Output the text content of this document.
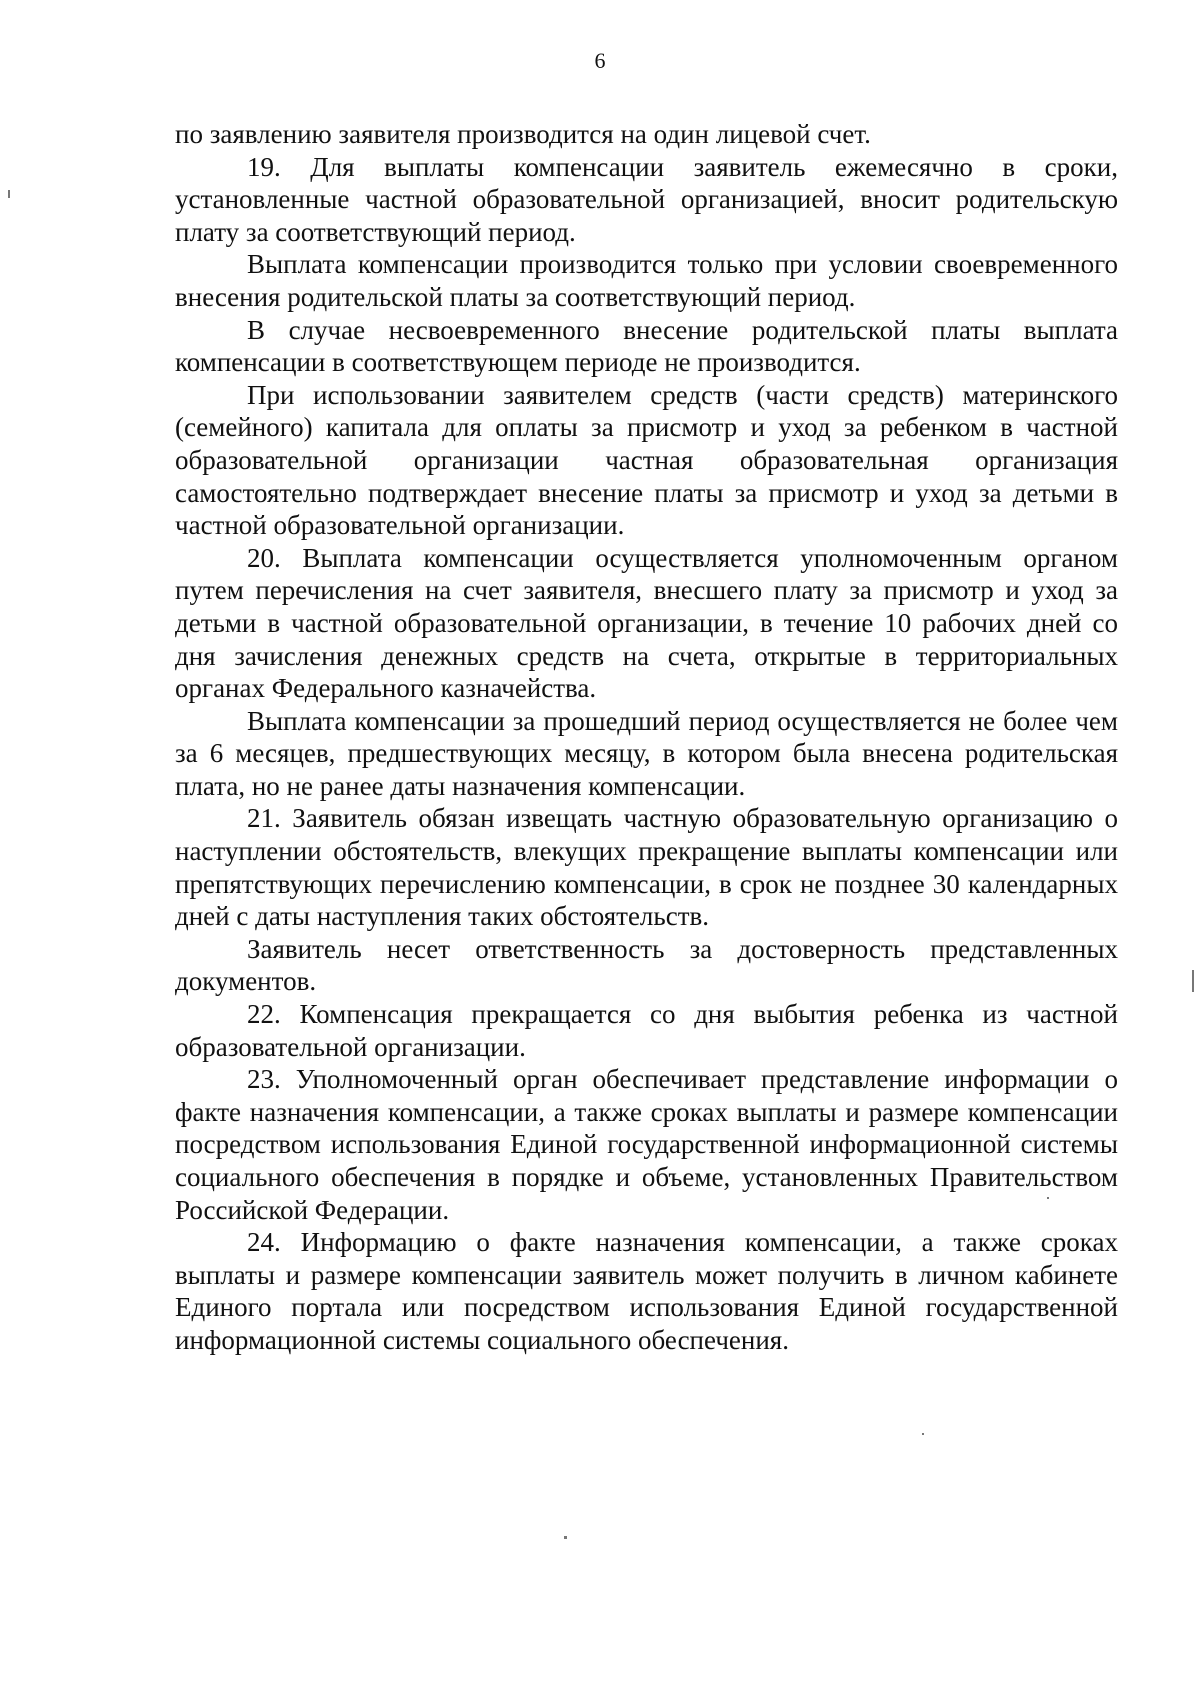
6

по заявлению заявителя производится на один лицевой счет.

19. Для выплаты компенсации заявитель ежемесячно в сроки, установленные частной образовательной организацией, вносит родительскую плату за соответствующий период.

Выплата компенсации производится только при условии своевременного внесения родительской платы за соответствующий период.

В случае несвоевременного внесение родительской платы выплата компенсации в соответствующем периоде не производится.

При использовании заявителем средств (части средств) материнского (семейного) капитала для оплаты за присмотр и уход за ребенком в частной образовательной организации частная образовательная организация самостоятельно подтверждает внесение платы за присмотр и уход за детьми в частной образовательной организации.

20. Выплата компенсации осуществляется уполномоченным органом путем перечисления на счет заявителя, внесшего плату за присмотр и уход за детьми в частной образовательной организации, в течение 10 рабочих дней со дня зачисления денежных средств на счета, открытые в территориальных органах Федерального казначейства.

Выплата компенсации за прошедший период осуществляется не более чем за 6 месяцев, предшествующих месяцу, в котором была внесена родительская плата, но не ранее даты назначения компенсации.

21. Заявитель обязан извещать частную образовательную организацию о наступлении обстоятельств, влекущих прекращение выплаты компенсации или препятствующих перечислению компенсации, в срок не позднее 30 календарных дней с даты наступления таких обстоятельств.

Заявитель несет ответственность за достоверность представленных документов.

22. Компенсация прекращается со дня выбытия ребенка из частной образовательной организации.

23. Уполномоченный орган обеспечивает представление информации о факте назначения компенсации, а также сроках выплаты и размере компенсации посредством использования Единой государственной информационной системы социального обеспечения в порядке и объеме, установленных Правительством Российской Федерации.

24. Информацию о факте назначения компенсации, а также сроках выплаты и размере компенсации заявитель может получить в личном кабинете Единого портала или посредством использования Единой государственной информационной системы социального обеспечения.
